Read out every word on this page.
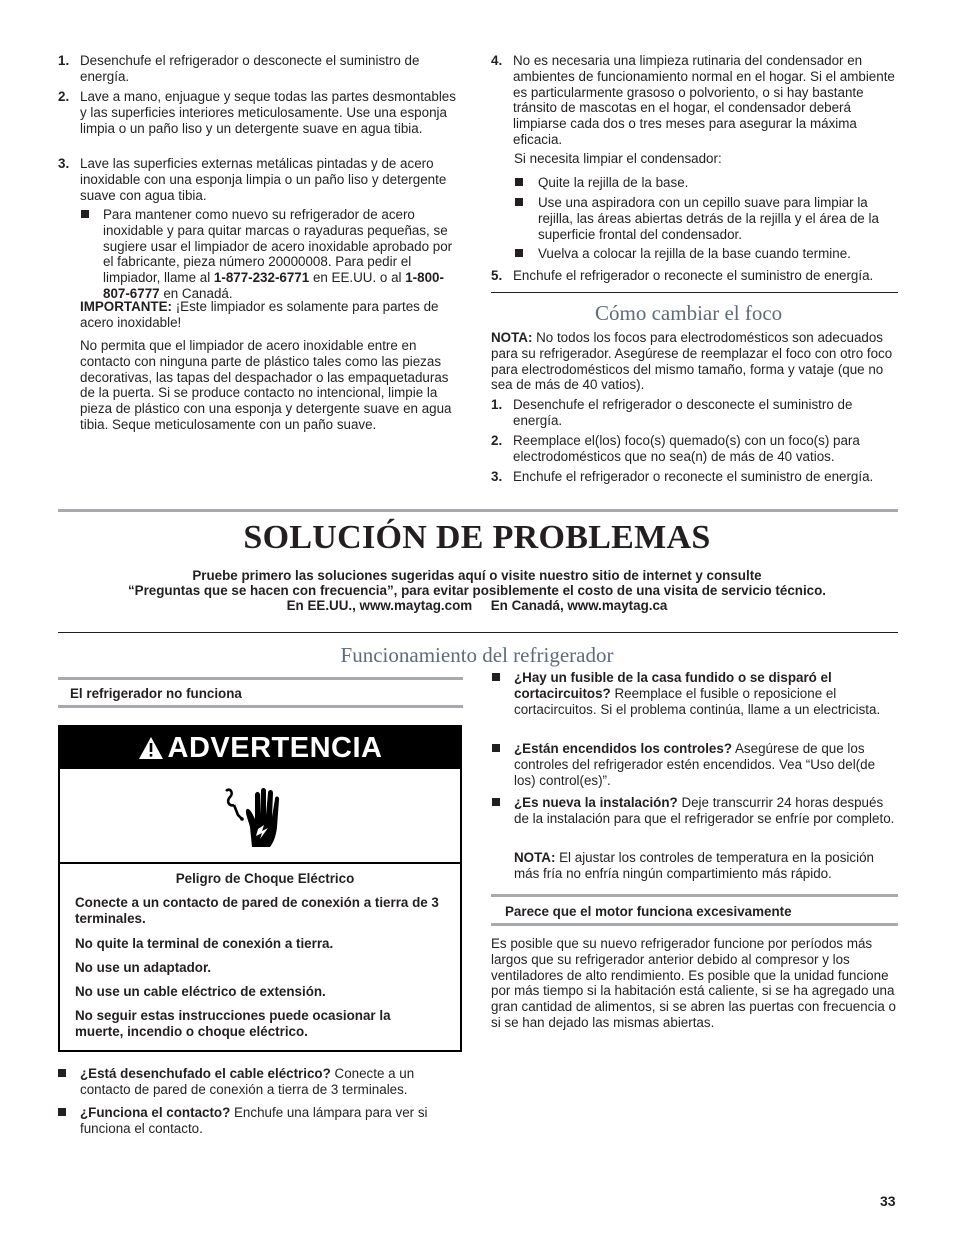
1. Desenchufe el refrigerador o desconecte el suministro de energía.
2. Lave a mano, enjuague y seque todas las partes desmontables y las superficies interiores meticulosamente. Use una esponja limpia o un paño liso y un detergente suave en agua tibia.
3. Lave las superficies externas metálicas pintadas y de acero inoxidable con una esponja limpia o un paño liso y detergente suave con agua tibia.
Para mantener como nuevo su refrigerador de acero inoxidable y para quitar marcas o rayaduras pequeñas, se sugiere usar el limpiador de acero inoxidable aprobado por el fabricante, pieza número 20000008. Para pedir el limpiador, llame al 1-877-232-6771 en EE.UU. o al 1-800-807-6777 en Canadá.
IMPORTANTE: ¡Este limpiador es solamente para partes de acero inoxidable!
No permita que el limpiador de acero inoxidable entre en contacto con ninguna parte de plástico tales como las piezas decorativas, las tapas del despachador o las empaquetaduras de la puerta. Si se produce contacto no intencional, limpie la pieza de plástico con una esponja y detergente suave en agua tibia. Seque meticulosamente con un paño suave.
4. No es necesaria una limpieza rutinaria del condensador en ambientes de funcionamiento normal en el hogar. Si el ambiente es particularmente grasoso o polvoriento, o si hay bastante tránsito de mascotas en el hogar, el condensador deberá limpiarse cada dos o tres meses para asegurar la máxima eficacia.
Si necesita limpiar el condensador:
Quite la rejilla de la base.
Use una aspiradora con un cepillo suave para limpiar la rejilla, las áreas abiertas detrás de la rejilla y el área de la superficie frontal del condensador.
Vuelva a colocar la rejilla de la base cuando termine.
5. Enchufe el refrigerador o reconecte el suministro de energía.
Cómo cambiar el foco
NOTA: No todos los focos para electrodomésticos son adecuados para su refrigerador. Asegúrese de reemplazar el foco con otro foco para electrodomésticos del mismo tamaño, forma y vataje (que no sea de más de 40 vatios).
1. Desenchufe el refrigerador o desconecte el suministro de energía.
2. Reemplace el(los) foco(s) quemado(s) con un foco(s) para electrodomésticos que no sea(n) de más de 40 vatios.
3. Enchufe el refrigerador o reconecte el suministro de energía.
SOLUCIÓN DE PROBLEMAS
Pruebe primero las soluciones sugeridas aquí o visite nuestro sitio de internet y consulte
“Preguntas que se hacen con frecuencia”, para evitar posiblemente el costo de una visita de servicio técnico.
En EE.UU., www.maytag.com     En Canadá, www.maytag.ca
Funcionamiento del refrigerador
El refrigerador no funciona
ADVERTENCIA
Peligro de Choque Eléctrico
Conecte a un contacto de pared de conexión a tierra de 3 terminales.
No quite la terminal de conexión a tierra.
No use un adaptador.
No use un cable eléctrico de extensión.
No seguir estas instrucciones puede ocasionar la muerte, incendio o choque eléctrico.
¿Está desenchufado el cable eléctrico? Conecte a un contacto de pared de conexión a tierra de 3 terminales.
¿Funciona el contacto? Enchufe una lámpara para ver si funciona el contacto.
¿Hay un fusible de la casa fundido o se disparó el cortacircuitos? Reemplace el fusible o reposicione el cortacircuitos. Si el problema continúa, llame a un electricista.
¿Están encendidos los controles? Asegúrese de que los controles del refrigerador estén encendidos. Vea “Uso del(de los) control(es)”.
¿Es nueva la instalación? Deje transcurrir 24 horas después de la instalación para que el refrigerador se enfríe por completo.
NOTA: El ajustar los controles de temperatura en la posición más fría no enfría ningún compartimiento más rápido.
Parece que el motor funciona excesivamente
Es posible que su nuevo refrigerador funcione por períodos más largos que su refrigerador anterior debido al compresor y los ventiladores de alto rendimiento. Es posible que la unidad funcione por más tiempo si la habitación está caliente, si se ha agregado una gran cantidad de alimentos, si se abren las puertas con frecuencia o si se han dejado las mismas abiertas.
33
